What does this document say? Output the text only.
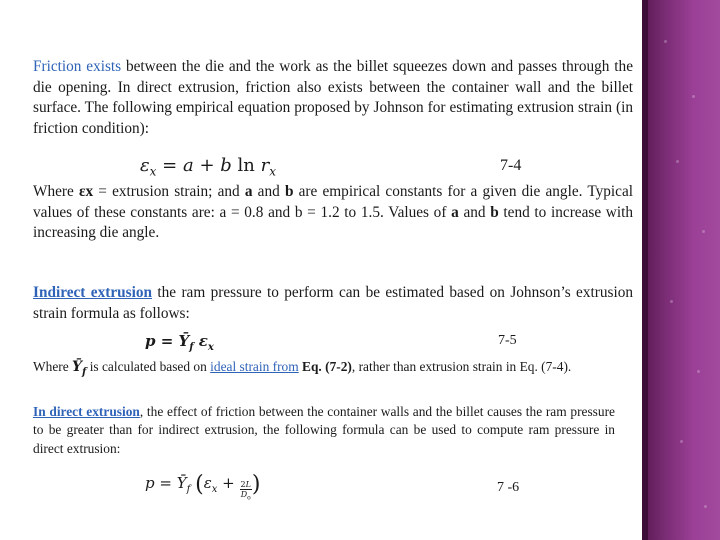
Friction exists between the die and the work as the billet squeezes down and passes through the die opening. In direct extrusion, friction also exists between the container wall and the billet surface. The following empirical equation proposed by Johnson for estimating extrusion strain (in friction condition):
$\varepsilon_x = a + b$ $\ln r_x$	7-4
Where εx = extrusion strain; and a and b are empirical constants for a given die angle. Typical values of these constants are: a = 0.8 and b = 1.2 to 1.5. Values of a and b tend to increase with increasing die angle.
Indirect extrusion the ram pressure to perform can be estimated based on Johnson’s extrusion strain formula as follows:
$p = Ȳ_f$ $\varepsilon_x$	7-5
Where $Ȳ_f$ is calculated based on ideal strain from Eq. (7-2), rather than extrusion strain in Eq. (7-4).
In direct extrusion, the effect of friction between the container walls and the billet causes the ram pressure to be greater than for indirect extrusion, the following formula can be used to compute ram pressure in direct extrusion:
$p = Ȳ_f$ ($\varepsilon_x + \frac{2L}{D_o}$ )	7 -6
